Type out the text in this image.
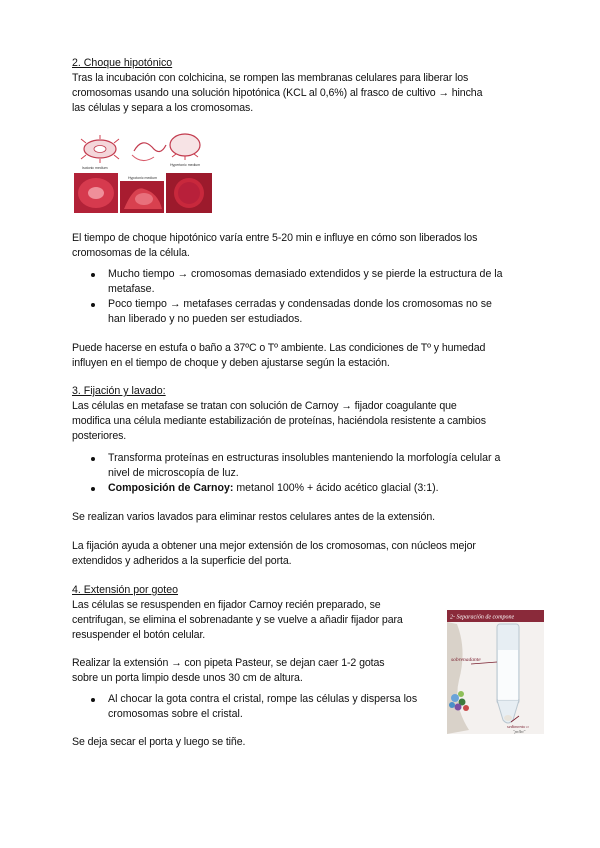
2. Choque hipotónico
Tras la incubación con colchicina, se rompen las membranas celulares para liberar los
cromosomas usando una solución hipotónica (KCL al 0,6%) al frasco de cultivo → hincha
las células y separa a los cromosomas.
Isotonic medium
Hypotonic medium
Hypertonic medium
El tiempo de choque hipotónico varía entre 5-20 min e influye en cómo son liberados los
cromosomas de la célula.
Mucho tiempo → cromosomas demasiado extendidos y se pierde la estructura de la
metafase.
Poco tiempo → metafases cerradas y condensadas donde los cromosomas no se
han liberado y no pueden ser estudiados.
Puede hacerse en estufa o baño a 37ºC o Tº ambiente. Las condiciones de Tº y humedad
influyen en el tiempo de choque y deben ajustarse según la estación.
3. Fijación y lavado:
Las células en metafase se tratan con solución de Carnoy → fijador coagulante que
modifica una célula mediante estabilización de proteínas, haciéndola resistente a cambios
posteriores.
Transforma proteínas en estructuras insolubles manteniendo la morfología celular a
nivel de microscopía de luz.
Composición de Carnoy: metanol 100% + ácido acético glacial (3:1).
Se realizan varios lavados para eliminar restos celulares antes de la extensión.
La fijación ayuda a obtener una mejor extensión de los cromosomas, con núcleos mejor
extendidos y adheridos a la superficie del porta.
4. Extensión por goteo
Las células se resuspenden en fijador Carnoy recién preparado, se
centrifugan, se elimina el sobrenadante y se vuelve a añadir fijador para
resuspender el botón celular.
Realizar la extensión → con pipeta Pasteur, se dejan caer 1-2 gotas
sobre un porta limpio desde unos 30 cm de altura.
Al chocar la gota contra el cristal, rompe las células y dispersa los
cromosomas sobre el cristal.
Se deja secar el porta y luego se tiñe.
2- Separación de compone
sobrenadante
sedimento o
"pellet"
